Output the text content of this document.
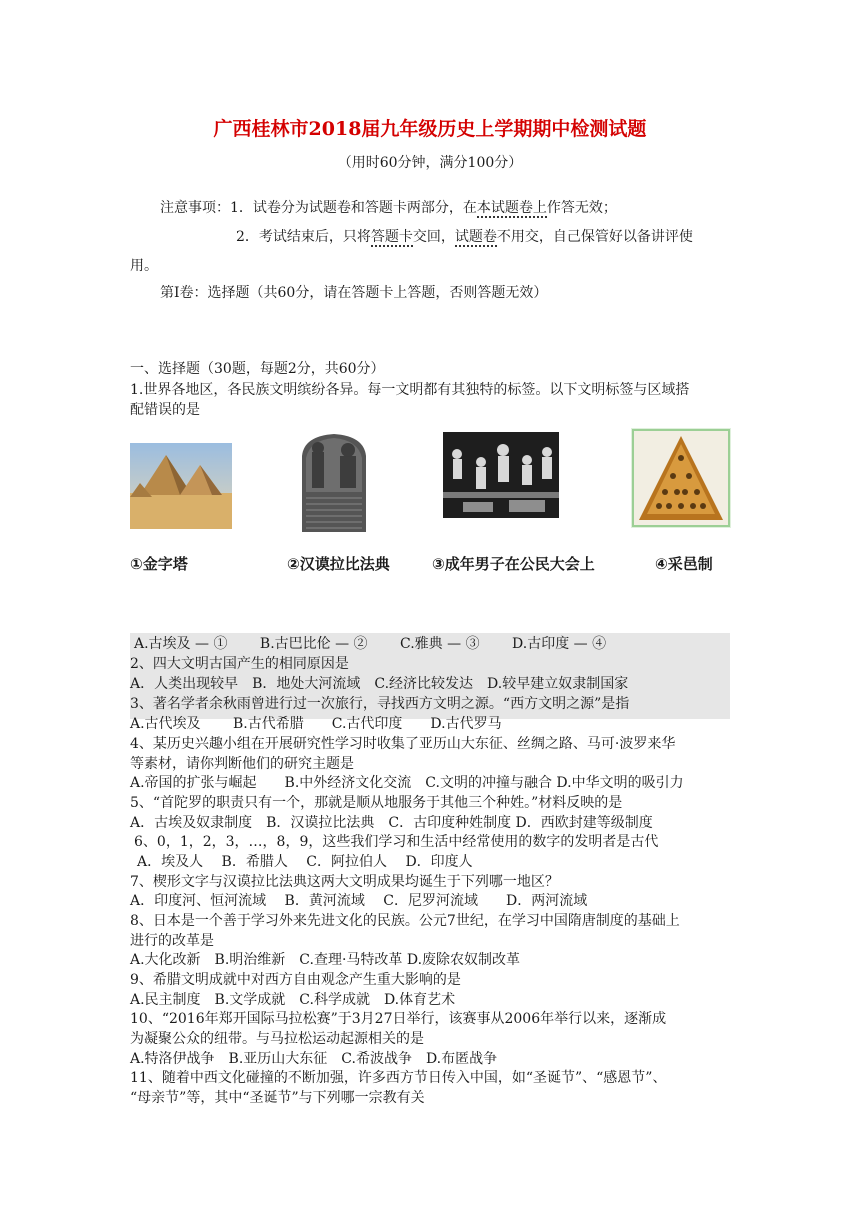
广西桂林市2018届九年级历史上学期期中检测试题
（用时60分钟，满分100分）
注意事项：1．试卷分为试题卷和答题卡两部分，在本试题卷上作答无效；
2．考试结束后，只将答题卡交回，试题卷不用交，自己保管好以备讲评使
用。
第Ⅰ卷：选择题（共60分，请在答题卡上答题，否则答题无效）
一、选择题（30题，每题2分，共60分）
1.世界各地区，各民族文明缤纷各异。每一文明都有其独特的标签。以下文明标签与区域搭
配错误的是
①金字塔	②汉谟拉比法典	③成年男子在公民大会上	④采邑制
A.古埃及 — ①　　 B.古巴比伦 — ②　　 C.雅典 — ③　　 D.古印度 — ④
2、四大文明古国产生的相同原因是
A．人类出现较早　B．地处大河流域　C.经济比较发达　D.较早建立奴隶制国家
3、著名学者余秋雨曾进行过一次旅行，寻找西方文明之源。“西方文明之源”是指
A.古代埃及　　 B.古代希腊　　C.古代印度　　D.古代罗马
4、某历史兴趣小组在开展研究性学习时收集了亚历山大东征、丝绸之路、马可·波罗来华
等素材，请你判断他们的研究主题是
A.帝国的扩张与崛起　　B.中外经济文化交流　C.文明的冲撞与融合 D.中华文明的吸引力
5、“首陀罗的职责只有一个，那就是顺从地服务于其他三个种姓。”材料反映的是
A．古埃及奴隶制度　B．汉谟拉比法典　C．古印度种姓制度 D．西欧封建等级制度
6、0，1，2，3，…，8，9，这些我们学习和生活中经常使用的数字的发明者是古代
A．埃及人　 B．希腊人　 C．阿拉伯人　 D．印度人
7、楔形文字与汉谟拉比法典这两大文明成果均诞生于下列哪一地区？
A．印度河、恒河流域　 B．黄河流域　 C．尼罗河流域　　D．两河流域
8、日本是一个善于学习外来先进文化的民族。公元7世纪，在学习中国隋唐制度的基础上
进行的改革是
A.大化改新　B.明治维新　C.查理·马特改革 D.废除农奴制改革
9、希腊文明成就中对西方自由观念产生重大影响的是
A.民主制度　B.文学成就　C.科学成就　D.体育艺术
10、“2016年郑开国际马拉松赛”于3月27日举行，该赛事从2006年举行以来，逐渐成
为凝聚公众的纽带。与马拉松运动起源相关的是
A.特洛伊战争　B.亚历山大东征　C.希波战争　D.布匿战争
11、随着中西文化碰撞的不断加强，许多西方节日传入中国，如“圣诞节”、“感恩节”、
“母亲节”等，其中“圣诞节”与下列哪一宗教有关
